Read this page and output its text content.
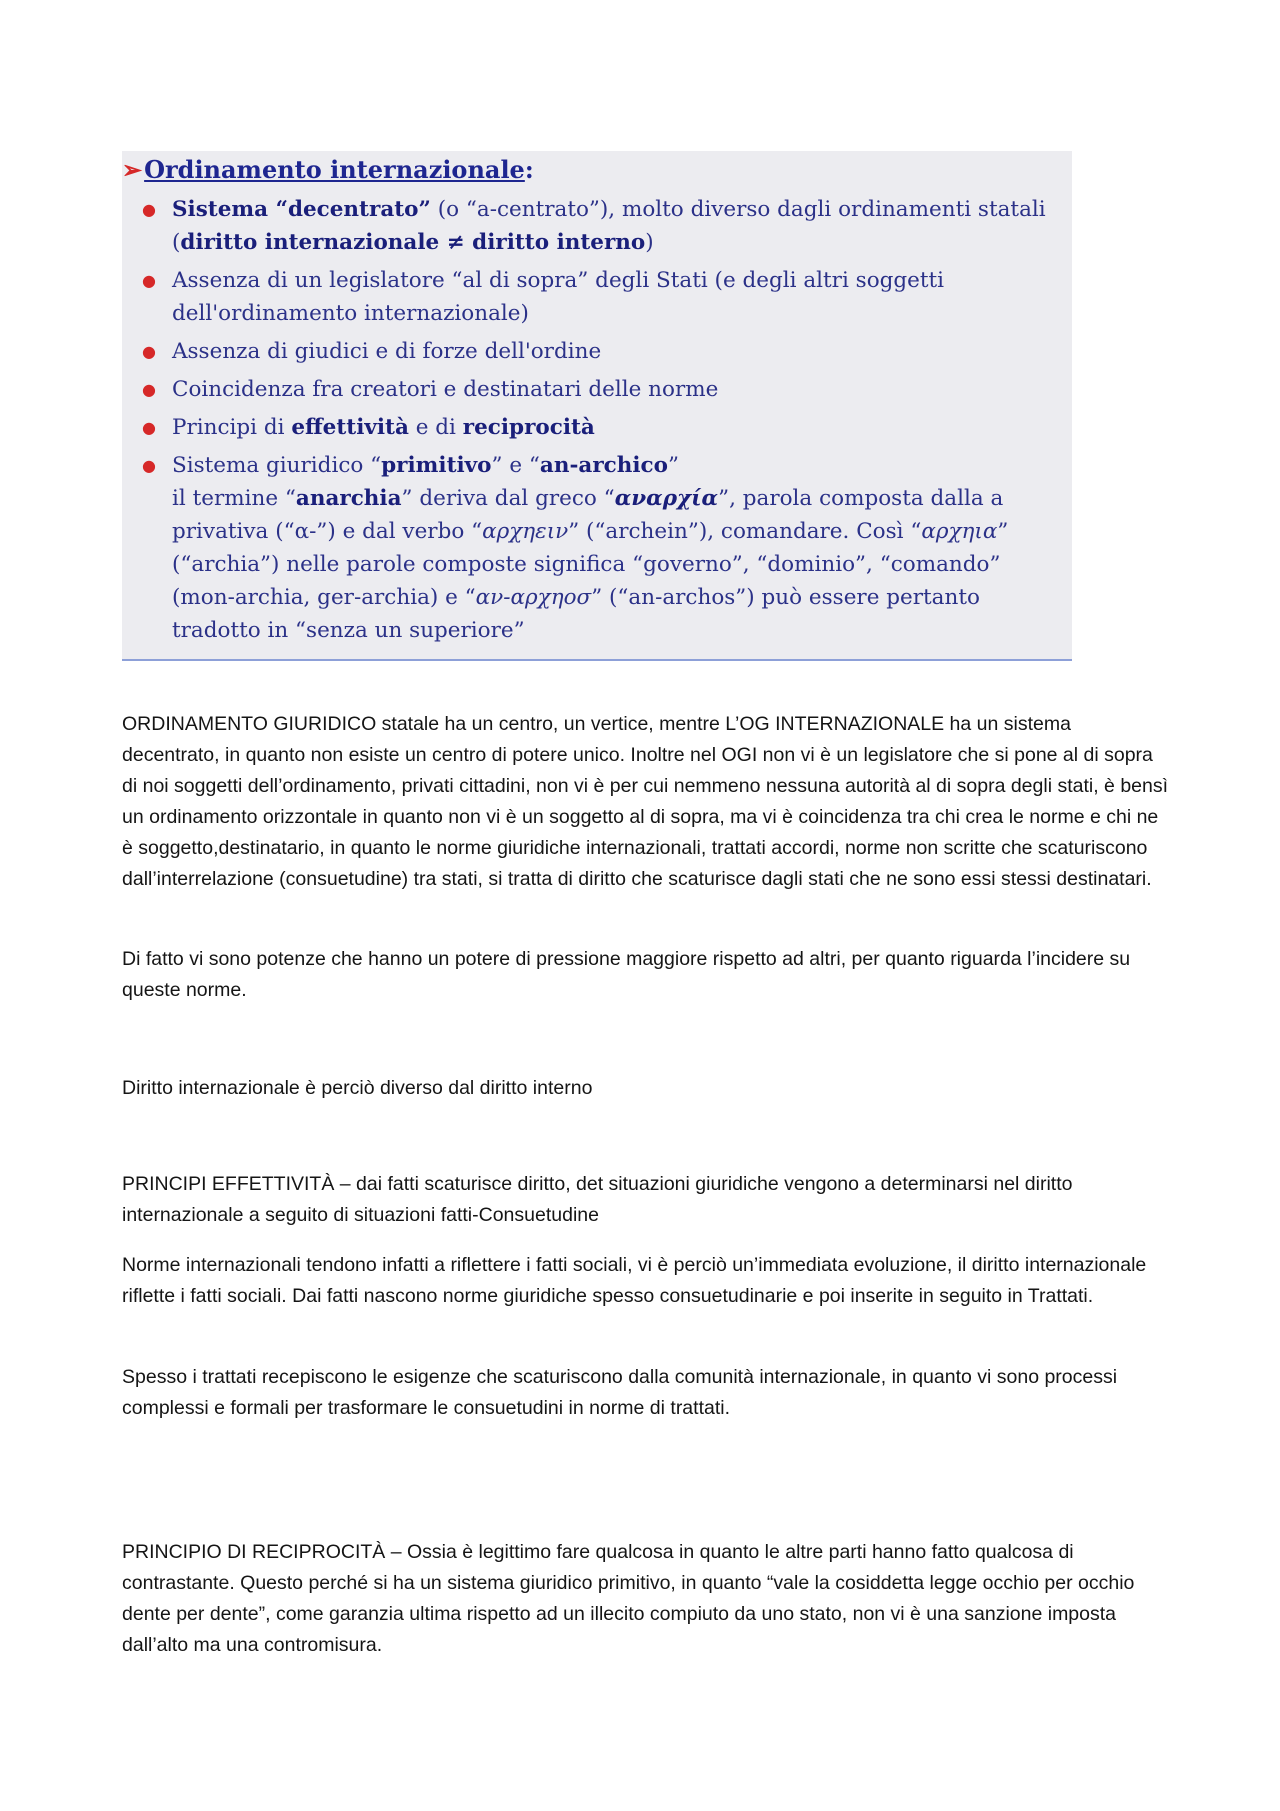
➢Ordinamento internazionale:
● Sistema “decentrato” (o “a-centrato”), molto diverso dagli ordinamenti statali (diritto internazionale ≠ diritto interno)
● Assenza di un legislatore “al di sopra” degli Stati (e degli altri soggetti dell'ordinamento internazionale)
● Assenza di giudici e di forze dell'ordine
● Coincidenza fra creatori e destinatari delle norme
● Principi di effettività e di reciprocità
● Sistema giuridico “primitivo” e “an-archico”
il termine “anarchia” deriva dal greco “αναρχία”, parola composta dalla a privativa (“α-”) e dal verbo “αρχηειν” (“archein”), comandare. Così “αρχηια” (“archia”) nelle parole composte significa “governo”, “dominio”, “comando” (mon-archia, ger-archia) e “αν-αρχηοσ” (“an-archos”) può essere pertanto tradotto in “senza un superiore”

ORDINAMENTO GIURIDICO statale ha un centro, un vertice, mentre L’OG INTERNAZIONALE ha un sistema decentrato, in quanto non esiste un centro di potere unico. Inoltre nel OGI non vi è un legislatore che si pone al di sopra di noi soggetti dell’ordinamento, privati cittadini, non vi è per cui nemmeno nessuna autorità al di sopra degli stati, è bensì un ordinamento orizzontale in quanto non vi è un soggetto al di sopra, ma vi è coincidenza tra chi crea le norme e chi ne è soggetto,destinatario, in quanto le norme giuridiche internazionali, trattati accordi, norme non scritte che scaturiscono dall’interrelazione (consuetudine) tra stati, si tratta di diritto che scaturisce dagli stati che ne sono essi stessi destinatari.

Di fatto vi sono potenze che hanno un potere di pressione maggiore rispetto ad altri, per quanto riguarda l’incidere su queste norme.

Diritto internazionale è perciò diverso dal diritto interno

PRINCIPI EFFETTIVITÀ – dai fatti scaturisce diritto, det situazioni giuridiche vengono a determinarsi nel diritto internazionale a seguito di situazioni fatti-Consuetudine

Norme internazionali tendono infatti a riflettere i fatti sociali, vi è perciò un’immediata evoluzione, il diritto internazionale riflette i fatti sociali. Dai fatti nascono norme giuridiche spesso consuetudinarie e poi inserite in seguito in Trattati.

Spesso i trattati recepiscono le esigenze che scaturiscono dalla comunità internazionale, in quanto vi sono processi complessi e formali per trasformare le consuetudini in norme di trattati.

PRINCIPIO DI RECIPROCITÀ – Ossia è legittimo fare qualcosa in quanto le altre parti hanno fatto qualcosa di contrastante. Questo perché si ha un sistema giuridico primitivo, in quanto “vale la cosiddetta legge occhio per occhio dente per dente”, come garanzia ultima rispetto ad un illecito compiuto da uno stato, non vi è una sanzione imposta dall’alto ma una contromisura.
